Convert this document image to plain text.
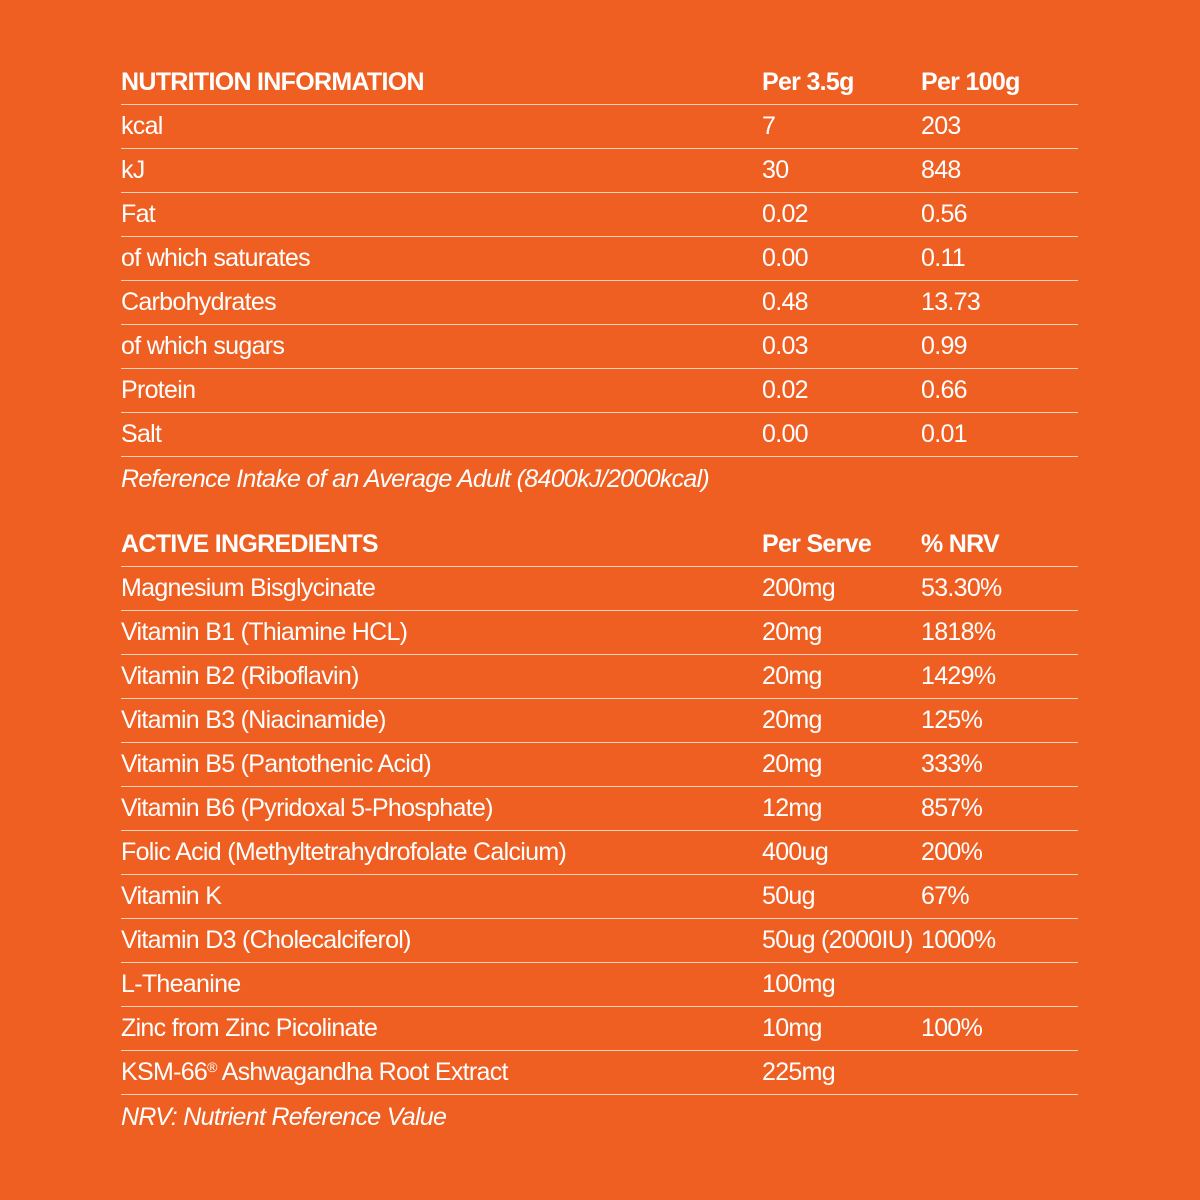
NUTRITION INFORMATION	Per 3.5g	Per 100g
kcal	7	203
kJ	30	848
Fat	0.02	0.56
of which saturates	0.00	0.11
Carbohydrates	0.48	13.73
of which sugars	0.03	0.99
Protein	0.02	0.66
Salt	0.00	0.01
Reference Intake of an Average Adult (8400kJ/2000kcal)
ACTIVE INGREDIENTS	Per Serve	% NRV
Magnesium Bisglycinate	200mg	53.30%
Vitamin B1 (Thiamine HCL)	20mg	1818%
Vitamin B2 (Riboflavin)	20mg	1429%
Vitamin B3 (Niacinamide)	20mg	125%
Vitamin B5 (Pantothenic Acid)	20mg	333%
Vitamin B6 (Pyridoxal 5-Phosphate)	12mg	857%
Folic Acid (Methyltetrahydrofolate Calcium)	400ug	200%
Vitamin K	50ug	67%
Vitamin D3 (Cholecalciferol)	50ug (2000IU) 1000%
L-Theanine	100mg
Zinc from Zinc Picolinate	10mg	100%
KSM-66® Ashwagandha Root Extract	225mg
NRV: Nutrient Reference Value
